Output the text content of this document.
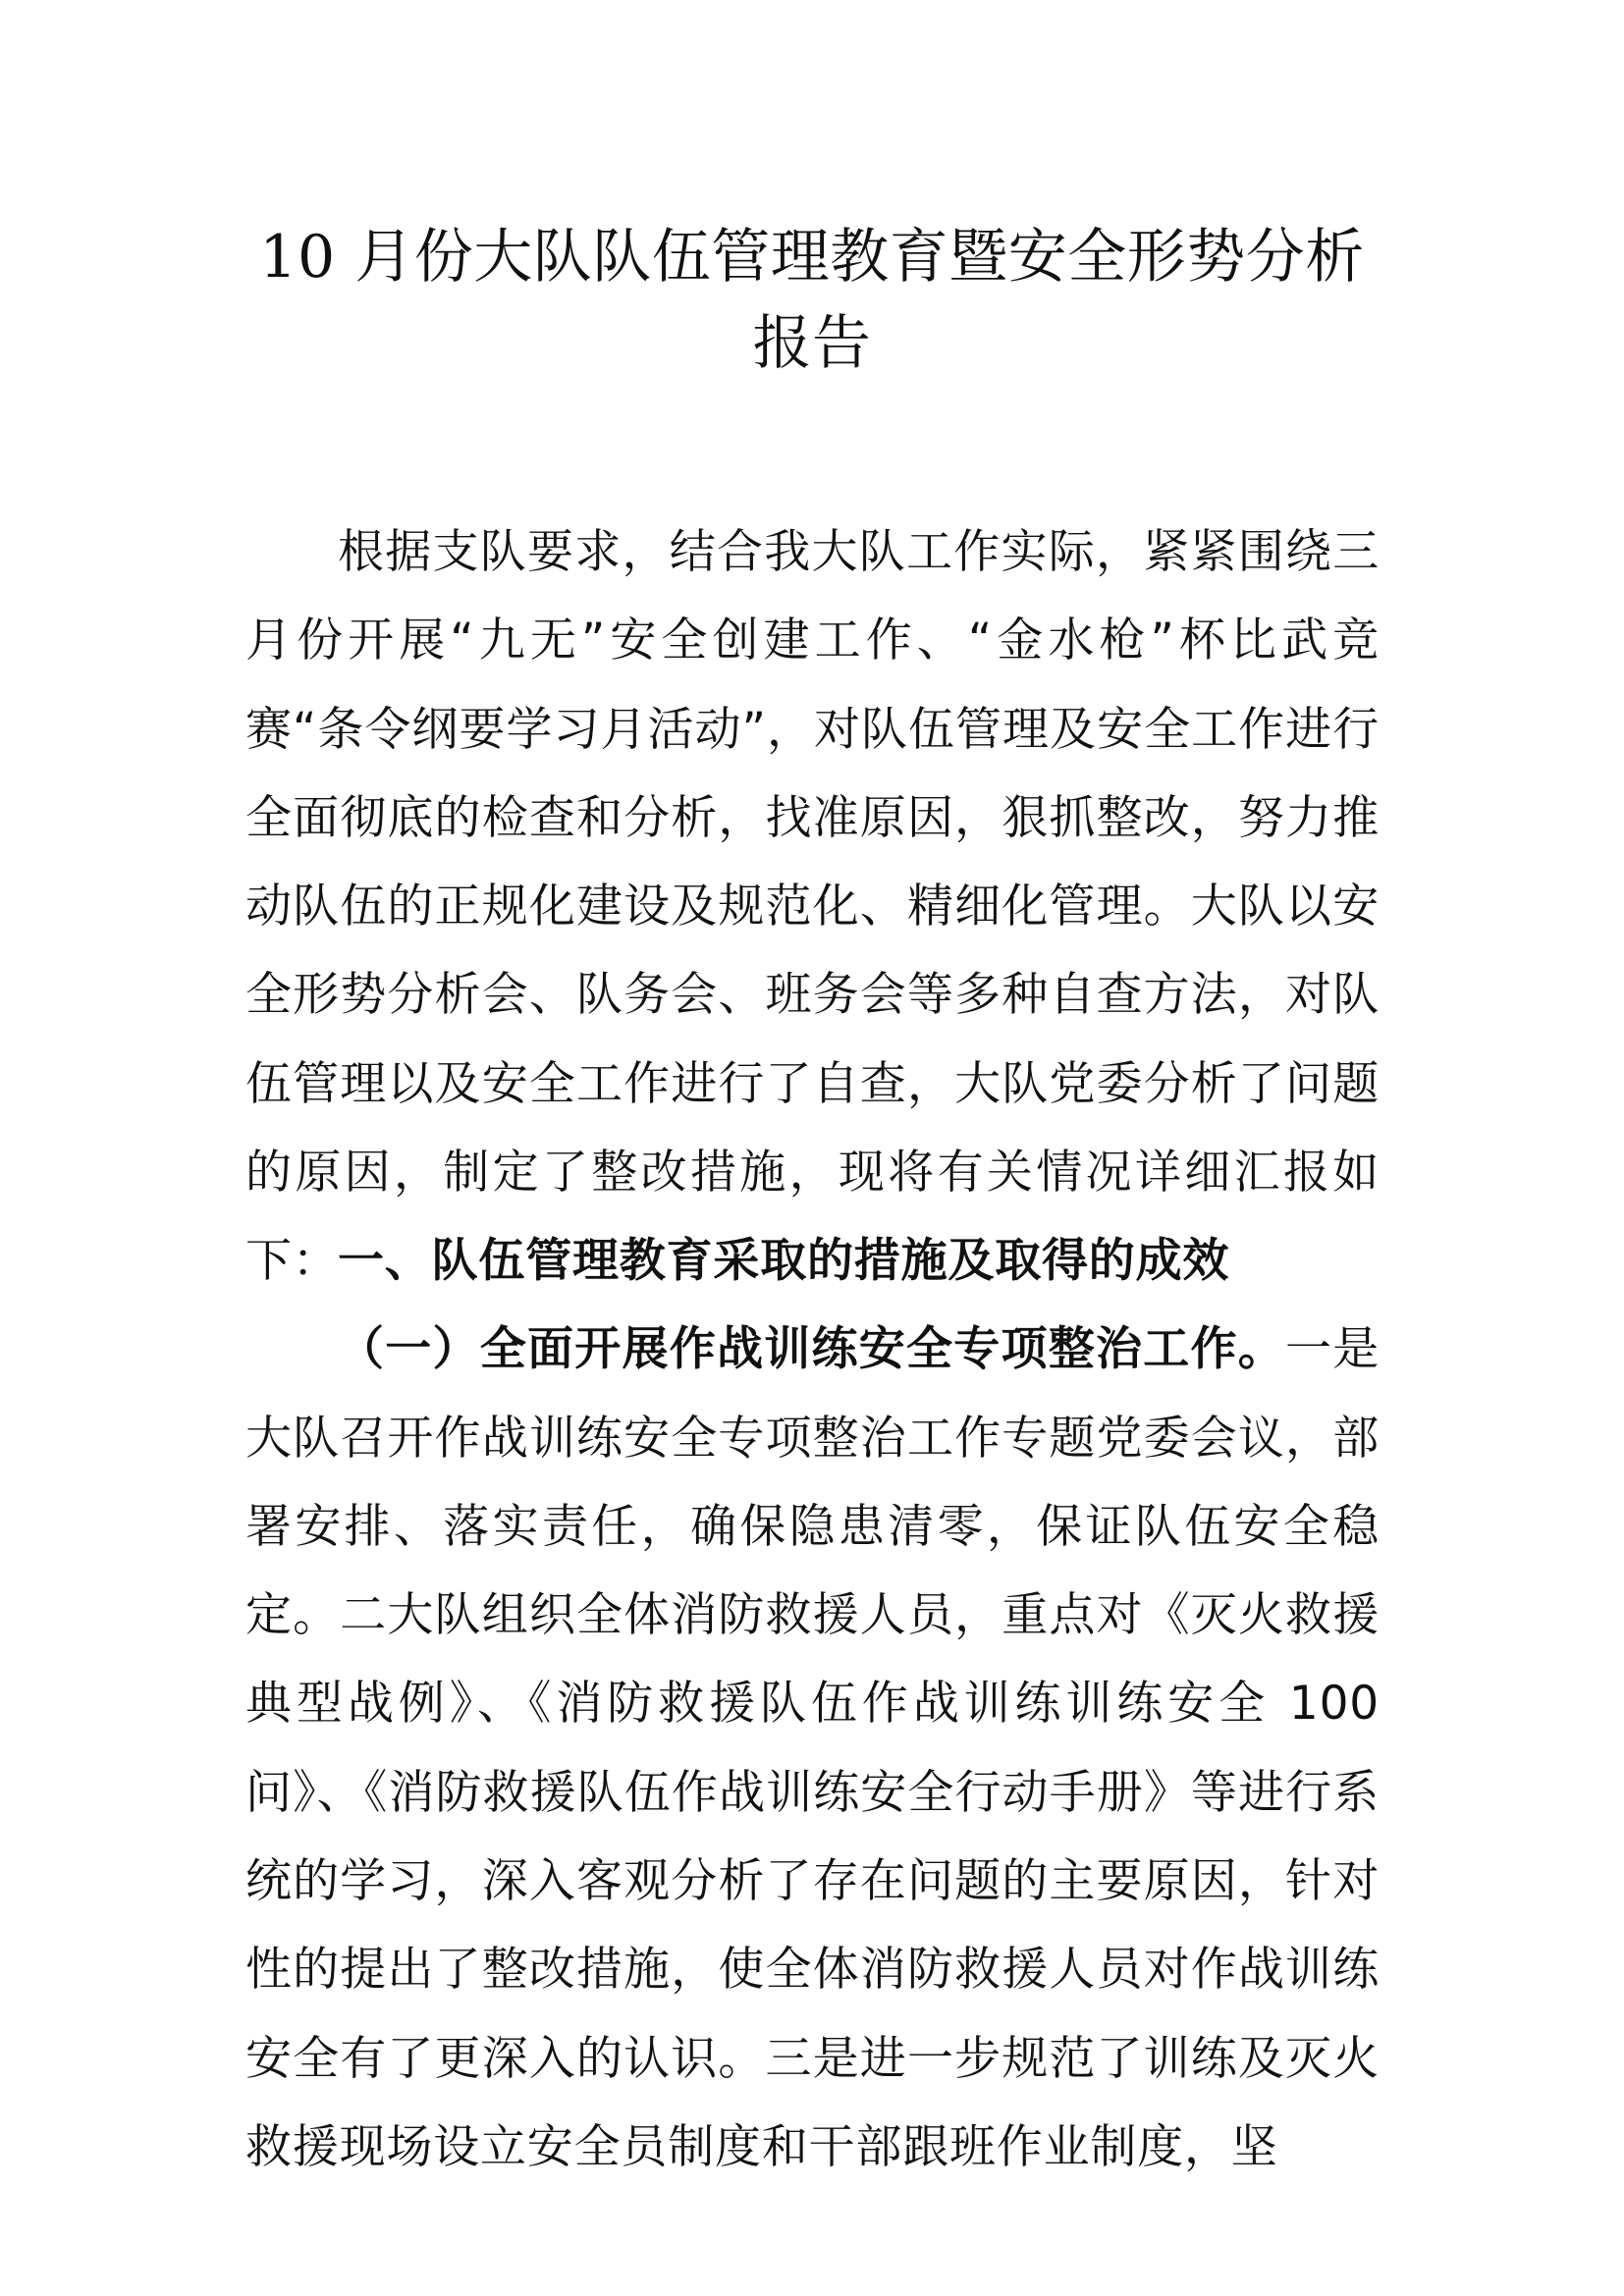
10 月份大队队伍管理教育暨安全形势分析
报告

根据支队要求，结合我大队工作实际，紧紧围绕三月份开展“九无”安全创建工作、“金水枪”杯比武竞赛“条令纲要学习月活动”，对队伍管理及安全工作进行全面彻底的检查和分析，找准原因，狠抓整改，努力推动队伍的正规化建设及规范化、精细化管理。大队以安全形势分析会、队务会、班务会等多种自查方法，对队伍管理以及安全工作进行了自查，大队党委分析了问题的原因，制定了整改措施，现将有关情况详细汇报如下：

一、队伍管理教育采取的措施及取得的成效

（一）全面开展作战训练安全专项整治工作。一是大队召开作战训练安全专项整治工作专题党委会议，部署安排、落实责任，确保隐患清零，保证队伍安全稳定。二大队组织全体消防救援人员，重点对《灭火救援典型战例》、《消防救援队伍作战训练训练安全 100 问》、《消防救援队伍作战训练安全行动手册》等进行系统的学习，深入客观分析了存在问题的主要原因，针对性的提出了整改措施，使全体消防救援人员对作战训练安全有了更深入的认识。三是进一步规范了训练及灭火救援现场设立安全员制度和干部跟班作业制度，坚
